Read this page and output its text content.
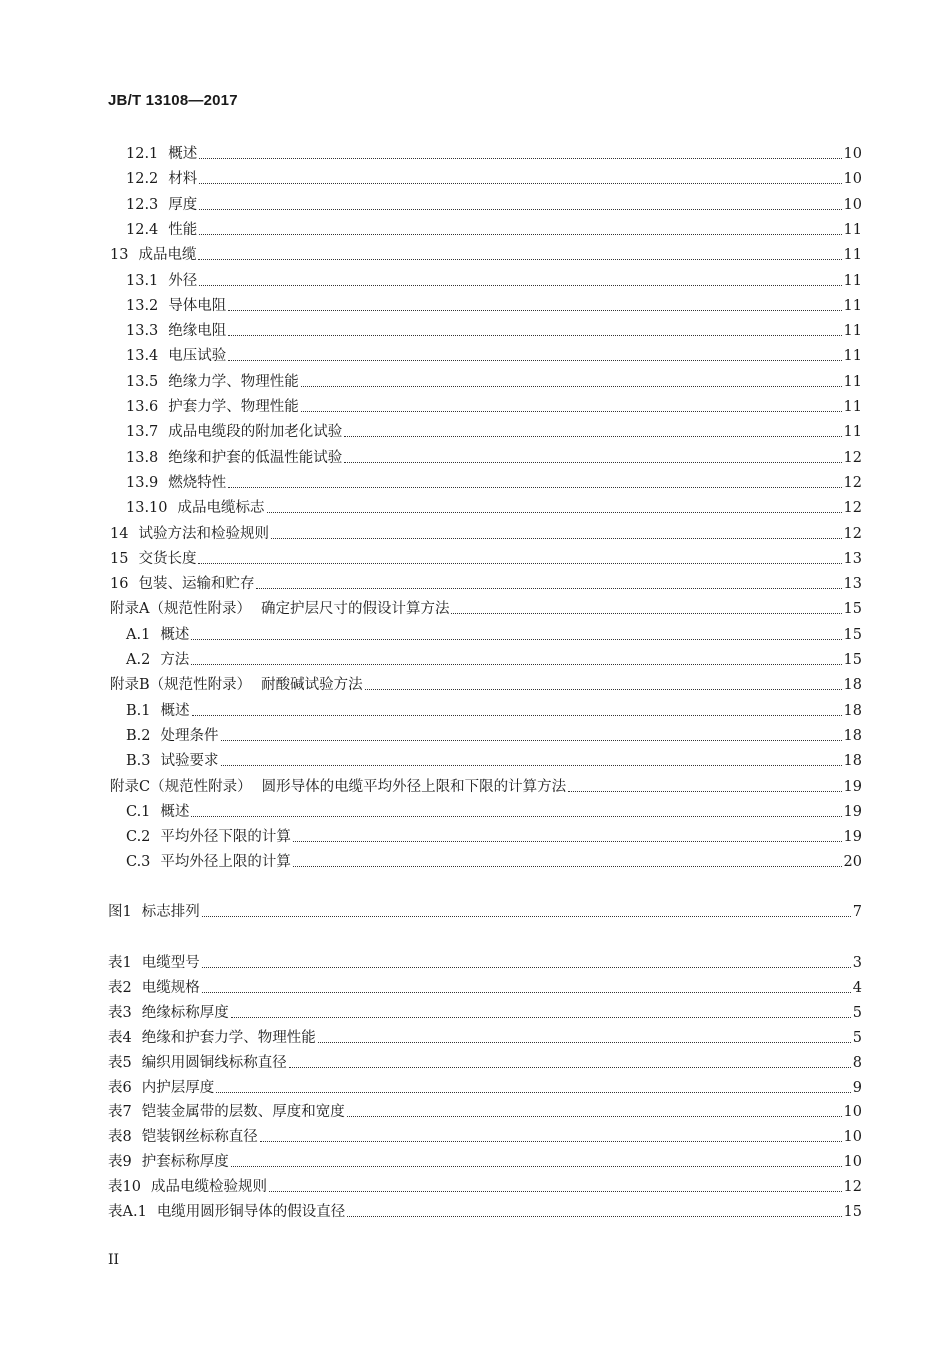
JB/T 13108—2017
12.1 概述	10
12.2 材料	10
12.3 厚度	10
12.4 性能	11
13 成品电缆	11
13.1 外径	11
13.2 导体电阻	11
13.3 绝缘电阻	11
13.4 电压试验	11
13.5 绝缘力学、物理性能	11
13.6 护套力学、物理性能	11
13.7 成品电缆段的附加老化试验	11
13.8 绝缘和护套的低温性能试验	12
13.9 燃烧特性	12
13.10 成品电缆标志	12
14 试验方法和检验规则	12
15 交货长度	13
16 包装、运输和贮存	13
附录A（规范性附录） 确定护层尺寸的假设计算方法	15
A.1 概述	15
A.2 方法	15
附录B（规范性附录） 耐酸碱试验方法	18
B.1 概述	18
B.2 处理条件	18
B.3 试验要求	18
附录C（规范性附录） 圆形导体的电缆平均外径上限和下限的计算方法	19
C.1 概述	19
C.2 平均外径下限的计算	19
C.3 平均外径上限的计算	20
图1 标志排列	7
表1 电缆型号	3
表2 电缆规格	4
表3 绝缘标称厚度	5
表4 绝缘和护套力学、物理性能	5
表5 编织用圆铜线标称直径	8
表6 内护层厚度	9
表7 铠装金属带的层数、厚度和宽度	10
表8 铠装钢丝标称直径	10
表9 护套标称厚度	10
表10 成品电缆检验规则	12
表A.1 电缆用圆形铜导体的假设直径	15
II
